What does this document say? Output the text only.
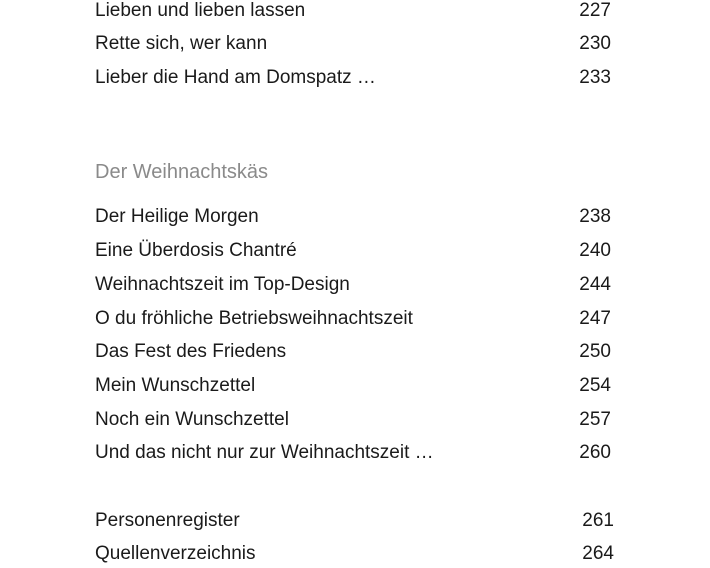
Lieben und lieben lassen	227
Rette sich, wer kann	230
Lieber die Hand am Domspatz …	233
Der Weihnachtskäs
Der Heilige Morgen	238
Eine Überdosis Chantré	240
Weihnachtszeit im Top-Design	244
O du fröhliche Betriebsweihnachtszeit	247
Das Fest des Friedens	250
Mein Wunschzettel	254
Noch ein Wunschzettel	257
Und das nicht nur zur Weihnachtszeit …	260
Personenregister	261
Quellenverzeichnis	264
